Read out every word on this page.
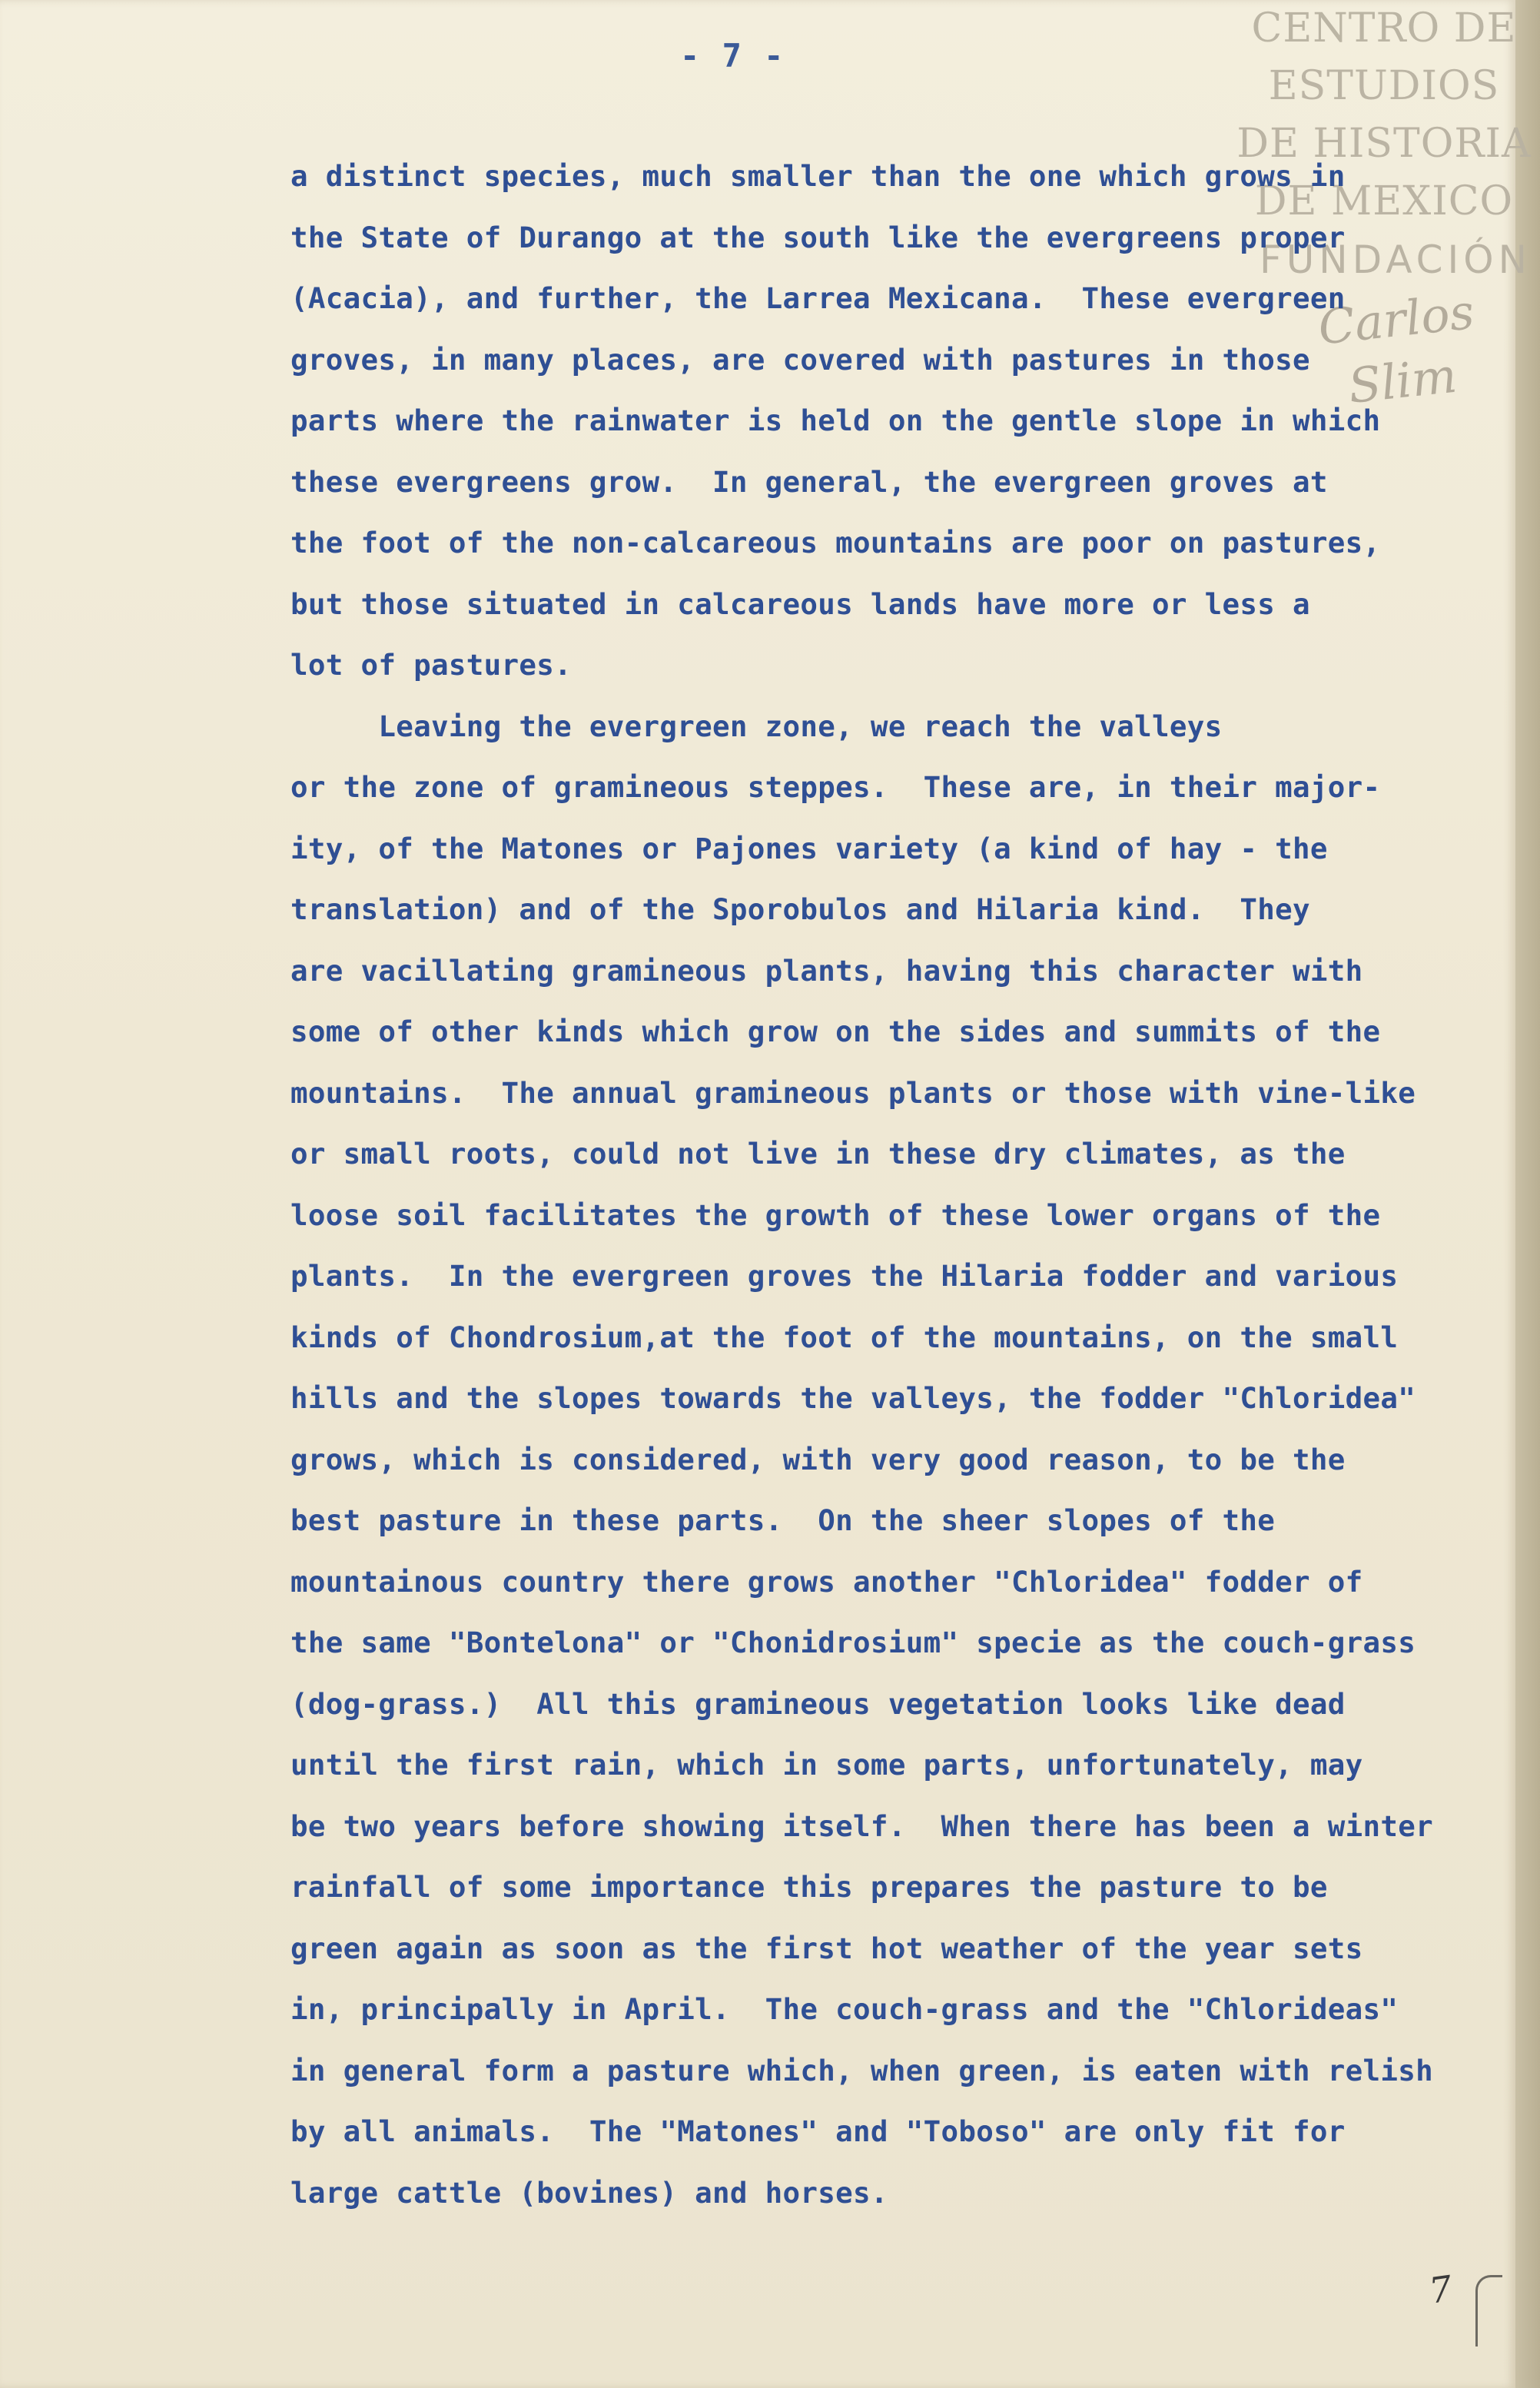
CENTRO DE
ESTUDIOS
DE HISTORIA
DE MEXICO
FUNDACIÓN
Carlos Slim

- 7 -

a distinct species, much smaller than the one which grows in
the State of Durango at the south like the evergreens proper
(Acacia), and further, the Larrea Mexicana.  These evergreen
groves, in many places, are covered with pastures in those
parts where the rainwater is held on the gentle slope in which
these evergreens grow.  In general, the evergreen groves at
the foot of the non-calcareous mountains are poor on pastures,
but those situated in calcareous lands have more or less a
lot of pastures.
Leaving the evergreen zone, we reach the valleys
or the zone of gramineous steppes.  These are, in their major-
ity, of the Matones or Pajones variety (a kind of hay - the
translation) and of the Sporobulos and Hilaria kind.  They
are vacillating gramineous plants, having this character with
some of other kinds which grow on the sides and summits of the
mountains.  The annual gramineous plants or those with vine-like
or small roots, could not live in these dry climates, as the
loose soil facilitates the growth of these lower organs of the
plants.  In the evergreen groves the Hilaria fodder and various
kinds of Chondrosium,at the foot of the mountains, on the small
hills and the slopes towards the valleys, the fodder "Chloridea"
grows, which is considered, with very good reason, to be the
best pasture in these parts.  On the sheer slopes of the
mountainous country there grows another "Chloridea" fodder of
the same "Bontelona" or "Chonidrosium" specie as the couch-grass
(dog-grass.)  All this gramineous vegetation looks like dead
until the first rain, which in some parts, unfortunately, may
be two years before showing itself.  When there has been a winter
rainfall of some importance this prepares the pasture to be
green again as soon as the first hot weather of the year sets
in, principally in April.  The couch-grass and the "Chlorideas"
in general form a pasture which, when green, is eaten with relish
by all animals.  The "Matones" and "Toboso" are only fit for
large cattle (bovines) and horses.
7
